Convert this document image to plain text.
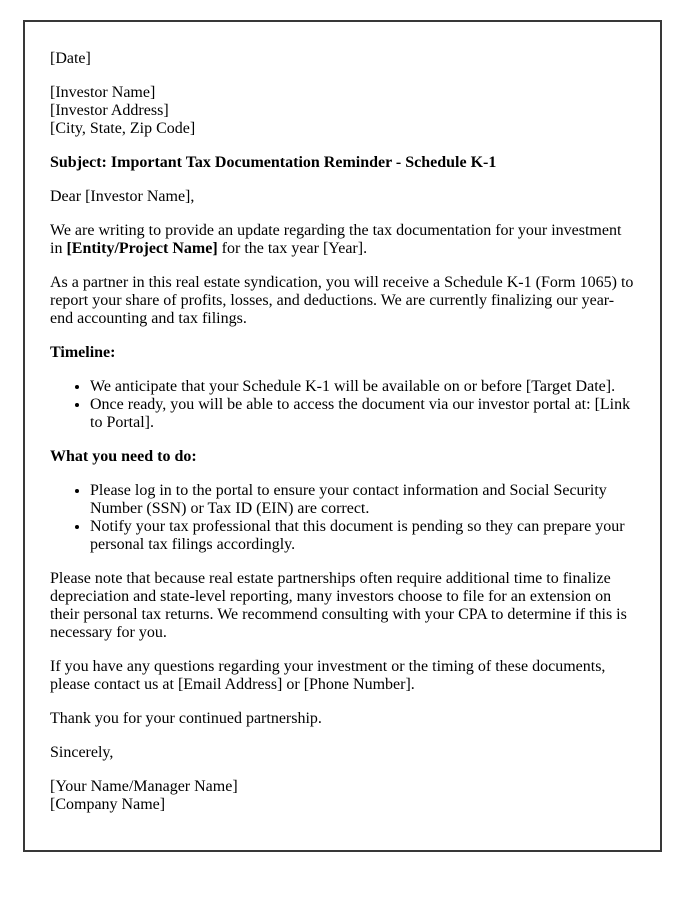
[Date]

[Investor Name]
[Investor Address]
[City, State, Zip Code]

Subject: Important Tax Documentation Reminder - Schedule K-1

Dear [Investor Name],

We are writing to provide an update regarding the tax documentation for your investment in [Entity/Project Name] for the tax year [Year].

As a partner in this real estate syndication, you will receive a Schedule K-1 (Form 1065) to report your share of profits, losses, and deductions. We are currently finalizing our year-end accounting and tax filings.

Timeline:

• We anticipate that your Schedule K-1 will be available on or before [Target Date].
• Once ready, you will be able to access the document via our investor portal at: [Link to Portal].

What you need to do:

• Please log in to the portal to ensure your contact information and Social Security Number (SSN) or Tax ID (EIN) are correct.
• Notify your tax professional that this document is pending so they can prepare your personal tax filings accordingly.

Please note that because real estate partnerships often require additional time to finalize depreciation and state-level reporting, many investors choose to file for an extension on their personal tax returns. We recommend consulting with your CPA to determine if this is necessary for you.

If you have any questions regarding your investment or the timing of these documents, please contact us at [Email Address] or [Phone Number].

Thank you for your continued partnership.

Sincerely,

[Your Name/Manager Name]
[Company Name]
